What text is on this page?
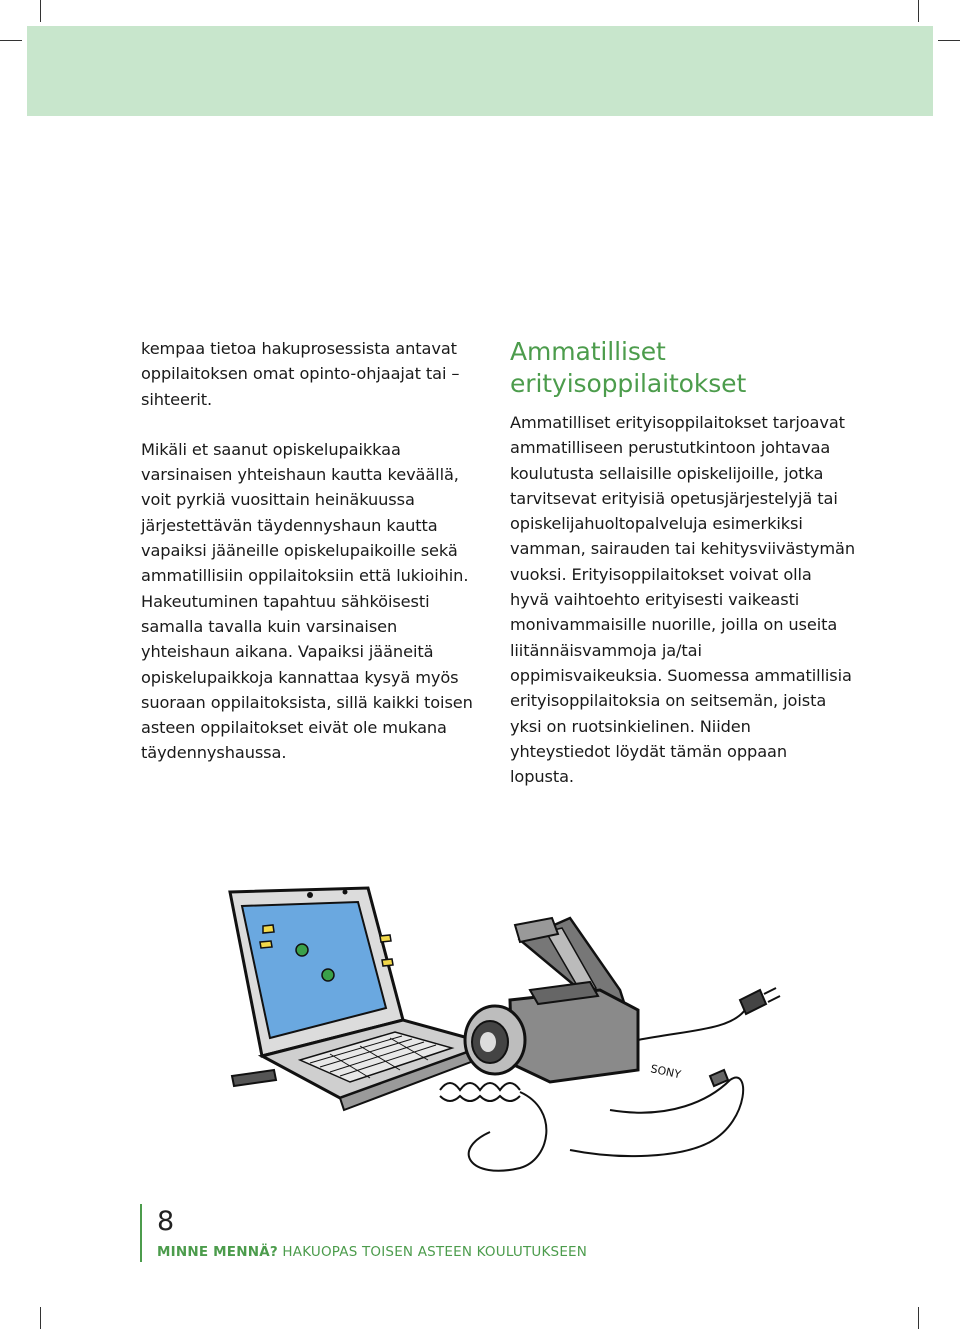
kempaa tietoa hakuprosessista antavat oppilaitoksen omat opinto-ohjaajat tai –sihteerit.

Mikäli et saanut opiskelupaikkaa varsinaisen yhteishaun kautta keväällä, voit pyrkiä vuosittain heinäkuussa järjestettävän täydennyshaun kautta vapaiksi jääneille opiskelupaikoille sekä ammatillisiin oppilaitoksiin että lukioihin. Hakeutuminen tapahtuu sähköisesti samalla tavalla kuin varsinaisen yhteishaun aikana. Vapaiksi jääneitä opiskelupaikkoja kannattaa kysyä myös suoraan oppilaitoksista, sillä kaikki toisen asteen oppilaitokset eivät ole mukana täydennyshaussa.

Ammatilliset
erityisoppilaitokset

Ammatilliset erityisoppilaitokset tarjoavat ammatilliseen perustutkintoon johtavaa koulutusta sellaisille opiskelijoille, jotka tarvitsevat erityisiä opetusjärjestelyjä tai opiskelijahuoltopalveluja esimerkiksi vamman, sairauden tai kehitysviivästymän vuoksi. Erityisoppilaitokset voivat olla hyvä vaihtoehto erityisesti vaikeasti monivammaisille nuorille, joilla on useita liitännäisvammoja ja/tai oppimisvaikeuksia. Suomessa ammatillisia erityisoppilaitoksia on seitsemän, joista yksi on ruotsinkielinen. Niiden yhteystiedot löydät tämän oppaan lopusta.

SONY
8
MINNE MENNÄ? HAKUOPAS TOISEN ASTEEN KOULUTUKSEEN
